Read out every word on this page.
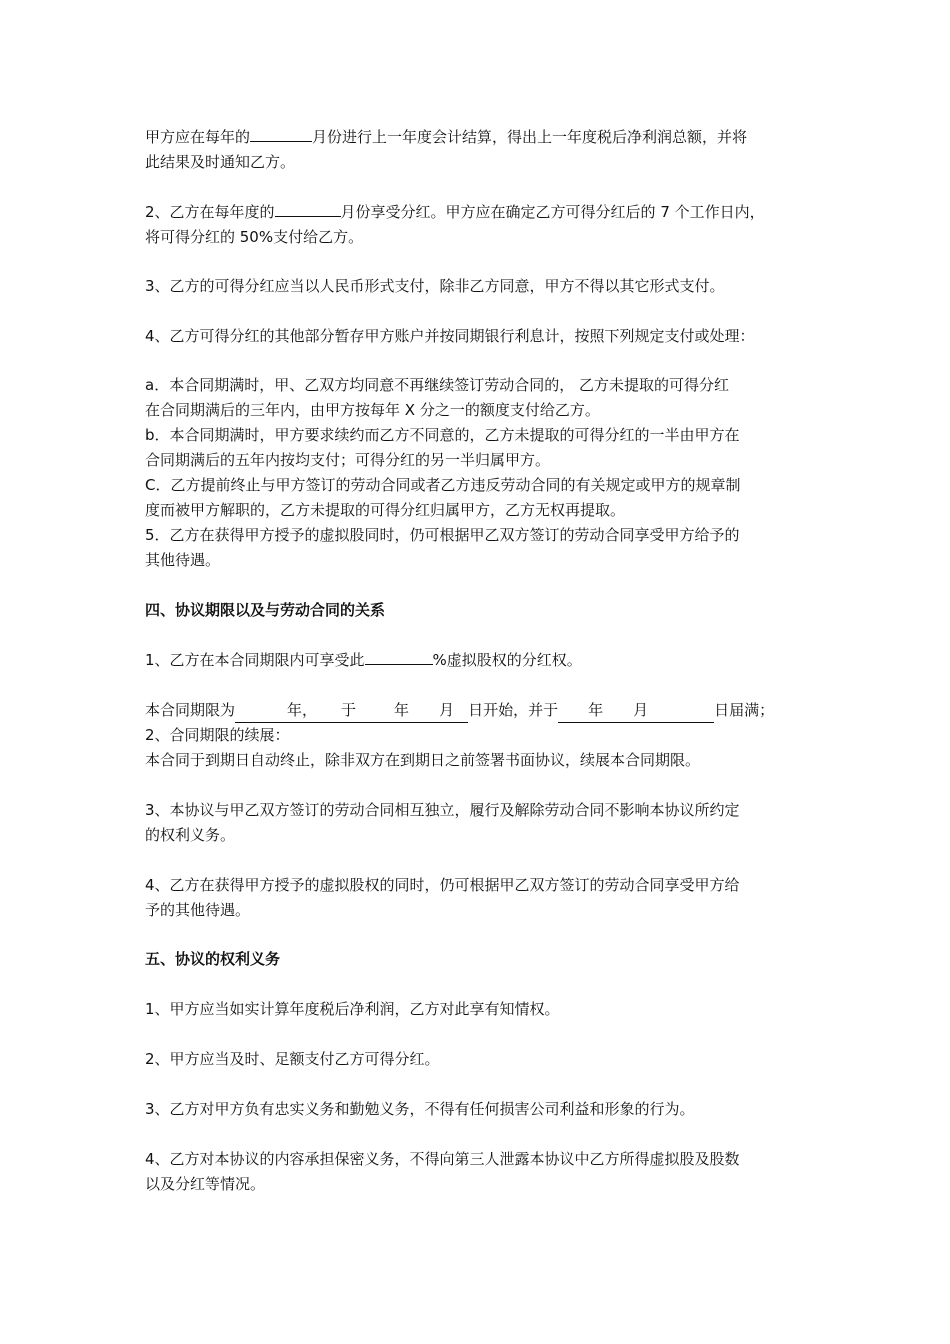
甲方应在每年的	月份进行上一年度会计结算，得出上一年度税后净利润总额，并将
此结果及时通知乙方。
2、乙方在每年度的	月份享受分红。甲方应在确定乙方可得分红后的 7 个工作日内，
将可得分红的 50%支付给乙方。
3、乙方的可得分红应当以人民币形式支付，除非乙方同意，甲方不得以其它形式支付。
4、乙方可得分红的其他部分暂存甲方账户并按同期银行利息计，按照下列规定支付或处理：
a．本合同期满时，甲、乙双方均同意不再继续签订劳动合同的， 乙方未提取的可得分红
在合同期满后的三年内，由甲方按每年 X 分之一的额度支付给乙方。
b．本合同期满时，甲方要求续约而乙方不同意的，乙方未提取的可得分红的一半由甲方在
合同期满后的五年内按均支付；可得分红的另一半归属甲方。
C．乙方提前终止与甲方签订的劳动合同或者乙方违反劳动合同的有关规定或甲方的规章制
度而被甲方解职的，乙方未提取的可得分红归属甲方，乙方无权再提取。
5．乙方在获得甲方授予的虚拟股同时，仍可根据甲乙双方签订的劳动合同享受甲方给予的
其他待遇。
四、协议期限以及与劳动合同的关系
1、乙方在本合同期限内可享受此	%虚拟股权的分红权。
本合同期限为	年， 于	年 月 日开始，并于 年 月	日届满；
2、合同期限的续展：
本合同于到期日自动终止，除非双方在到期日之前签署书面协议，续展本合同期限。
3、本协议与甲乙双方签订的劳动合同相互独立，履行及解除劳动合同不影响本协议所约定
的权利义务。
4、乙方在获得甲方授予的虚拟股权的同时，仍可根据甲乙双方签订的劳动合同享受甲方给
予的其他待遇。
五、协议的权利义务
1、甲方应当如实计算年度税后净利润，乙方对此享有知情权。
2、甲方应当及时、足额支付乙方可得分红。
3、乙方对甲方负有忠实义务和勤勉义务，不得有任何损害公司利益和形象的行为。
4、乙方对本协议的内容承担保密义务，不得向第三人泄露本协议中乙方所得虚拟股及股数
以及分红等情况。
